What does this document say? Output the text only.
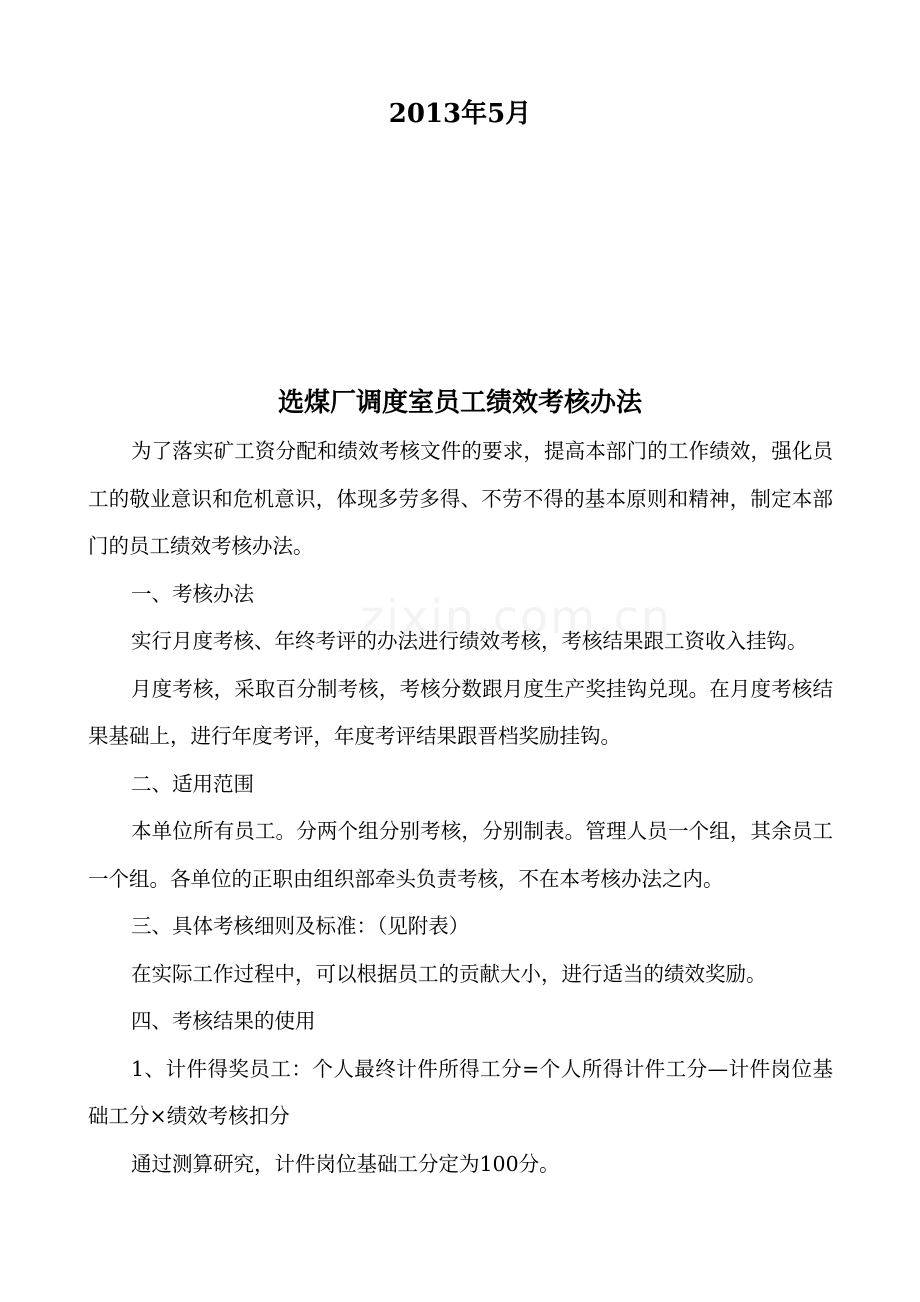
2013年5月
选煤厂调度室员工绩效考核办法

为了落实矿工资分配和绩效考核文件的要求，提高本部门的工作绩效，强化员工的敬业意识和危机意识，体现多劳多得、不劳不得的基本原则和精神，制定本部门的员工绩效考核办法。

一、考核办法

实行月度考核、年终考评的办法进行绩效考核，考核结果跟工资收入挂钩。

月度考核，采取百分制考核，考核分数跟月度生产奖挂钩兑现。在月度考核结果基础上，进行年度考评，年度考评结果跟晋档奖励挂钩。

二、适用范围

本单位所有员工。分两个组分别考核，分别制表。管理人员一个组，其余员工一个组。各单位的正职由组织部牵头负责考核，不在本考核办法之内。

三、具体考核细则及标准：（见附表）

在实际工作过程中，可以根据员工的贡献大小，进行适当的绩效奖励。

四、考核结果的使用

1、计件得奖员工：个人最终计件所得工分=个人所得计件工分—计件岗位基础工分×绩效考核扣分

通过测算研究，计件岗位基础工分定为100分。
